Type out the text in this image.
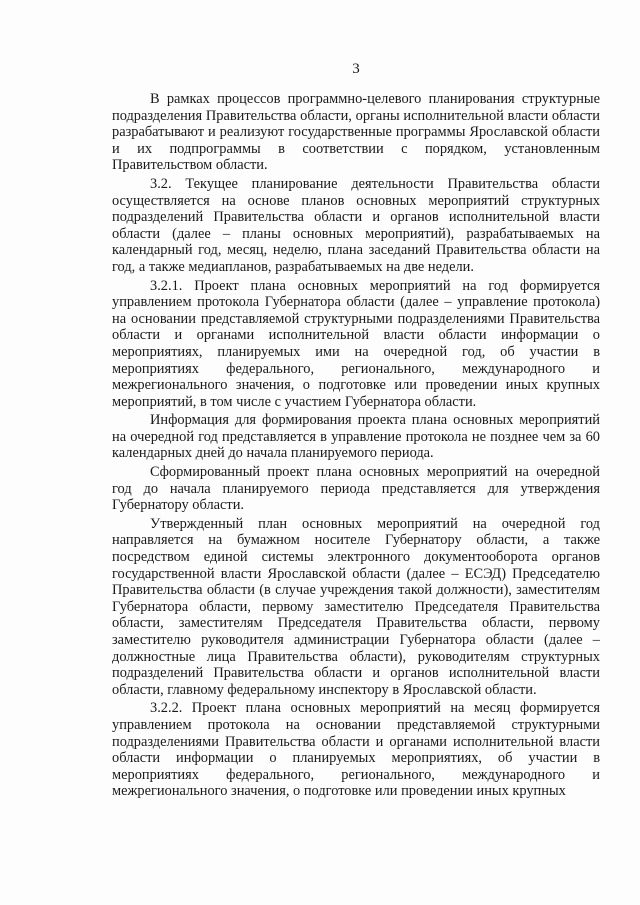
3

В рамках процессов программно-целевого планирования структурные подразделения Правительства области, органы исполнительной власти области разрабатывают и реализуют государственные программы Ярославской области и их подпрограммы в соответствии с порядком, установленным Правительством области.

3.2. Текущее планирование деятельности Правительства области осуществляется на основе планов основных мероприятий структурных подразделений Правительства области и органов исполнительной власти области (далее – планы основных мероприятий), разрабатываемых на календарный год, месяц, неделю, плана заседаний Правительства области на год, а также медиапланов, разрабатываемых на две недели.

3.2.1. Проект плана основных мероприятий на год формируется управлением протокола Губернатора области (далее – управление протокола) на основании представляемой структурными подразделениями Правительства области и органами исполнительной власти области информации о мероприятиях, планируемых ими на очередной год, об участии в мероприятиях федерального, регионального, международного и межрегионального значения, о подготовке или проведении иных крупных мероприятий, в том числе с участием Губернатора области.

Информация для формирования проекта плана основных мероприятий на очередной год представляется в управление протокола не позднее чем за 60 календарных дней до начала планируемого периода.

Сформированный проект плана основных мероприятий на очередной год до начала планируемого периода представляется для утверждения Губернатору области.

Утвержденный план основных мероприятий на очередной год направляется на бумажном носителе Губернатору области, а также посредством единой системы электронного документооборота органов государственной власти Ярославской области (далее – ЕСЭД) Председателю Правительства области (в случае учреждения такой должности), заместителям Губернатора области, первому заместителю Председателя Правительства области, заместителям Председателя Правительства области, первому заместителю руководителя администрации Губернатора области (далее – должностные лица Правительства области), руководителям структурных подразделений Правительства области и органов исполнительной власти области, главному федеральному инспектору в Ярославской области.

3.2.2. Проект плана основных мероприятий на месяц формируется управлением протокола на основании представляемой структурными подразделениями Правительства области и органами исполнительной власти области информации о планируемых мероприятиях, об участии в мероприятиях федерального, регионального, международного и межрегионального значения, о подготовке или проведении иных крупных
